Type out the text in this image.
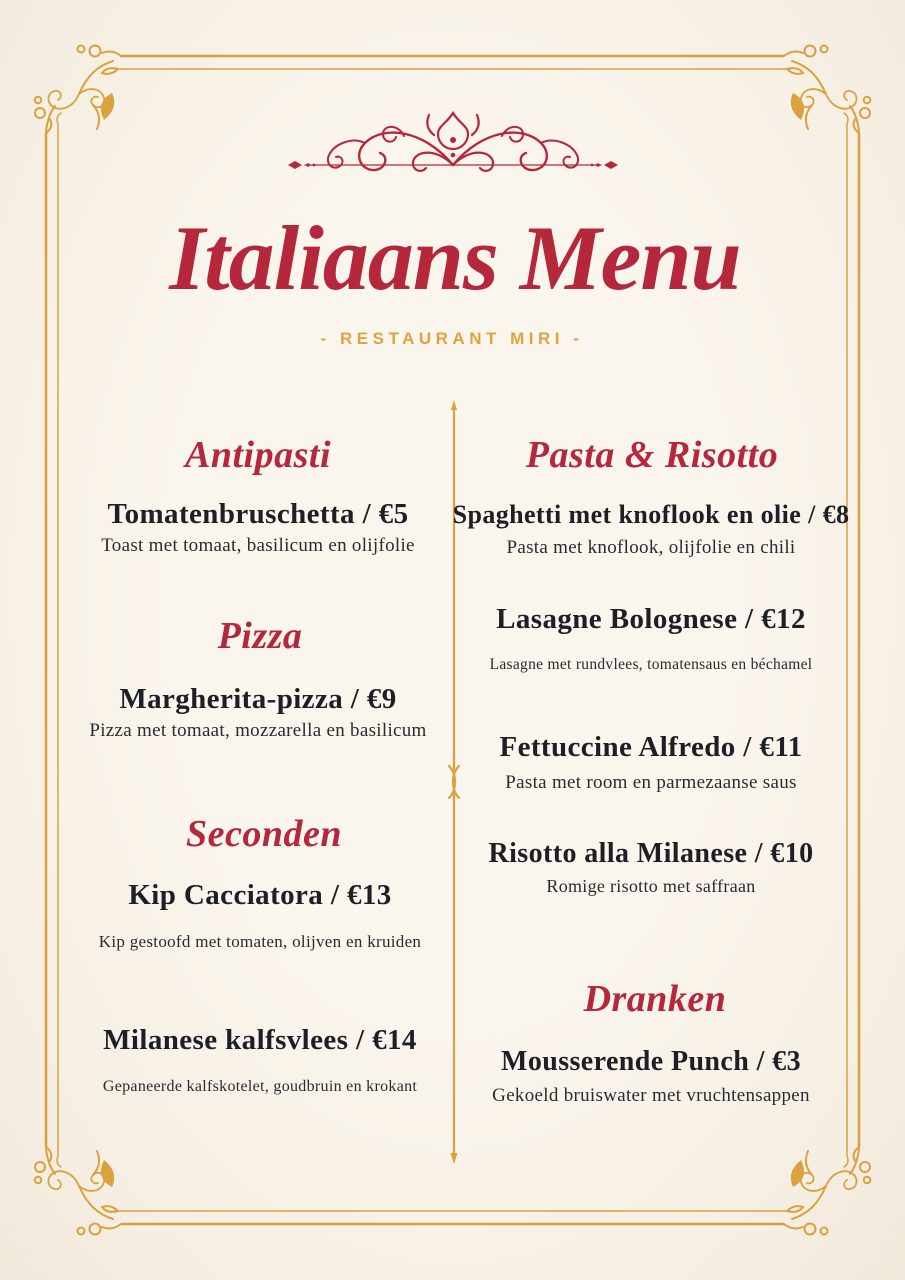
Italiaans Menu
- RESTAURANT MIRI -
Antipasti
Tomatenbruschetta / €5
Toast met tomaat, basilicum en olijfolie
Pizza
Margherita-pizza / €9
Pizza met tomaat, mozzarella en basilicum
Seconden
Kip Cacciatora / €13
Kip gestoofd met tomaten, olijven en kruiden
Milanese kalfsvlees / €14
Gepaneerde kalfskotelet, goudbruin en krokant
Pasta & Risotto
Spaghetti met knoflook en olie / €8
Pasta met knoflook, olijfolie en chili
Lasagne Bolognese / €12
Lasagne met rundvlees, tomatensaus en béchamel
Fettuccine Alfredo / €11
Pasta met room en parmezaanse saus
Risotto alla Milanese / €10
Romige risotto met saffraan
Dranken
Mousserende Punch / €3
Gekoeld bruiswater met vruchtensappen
